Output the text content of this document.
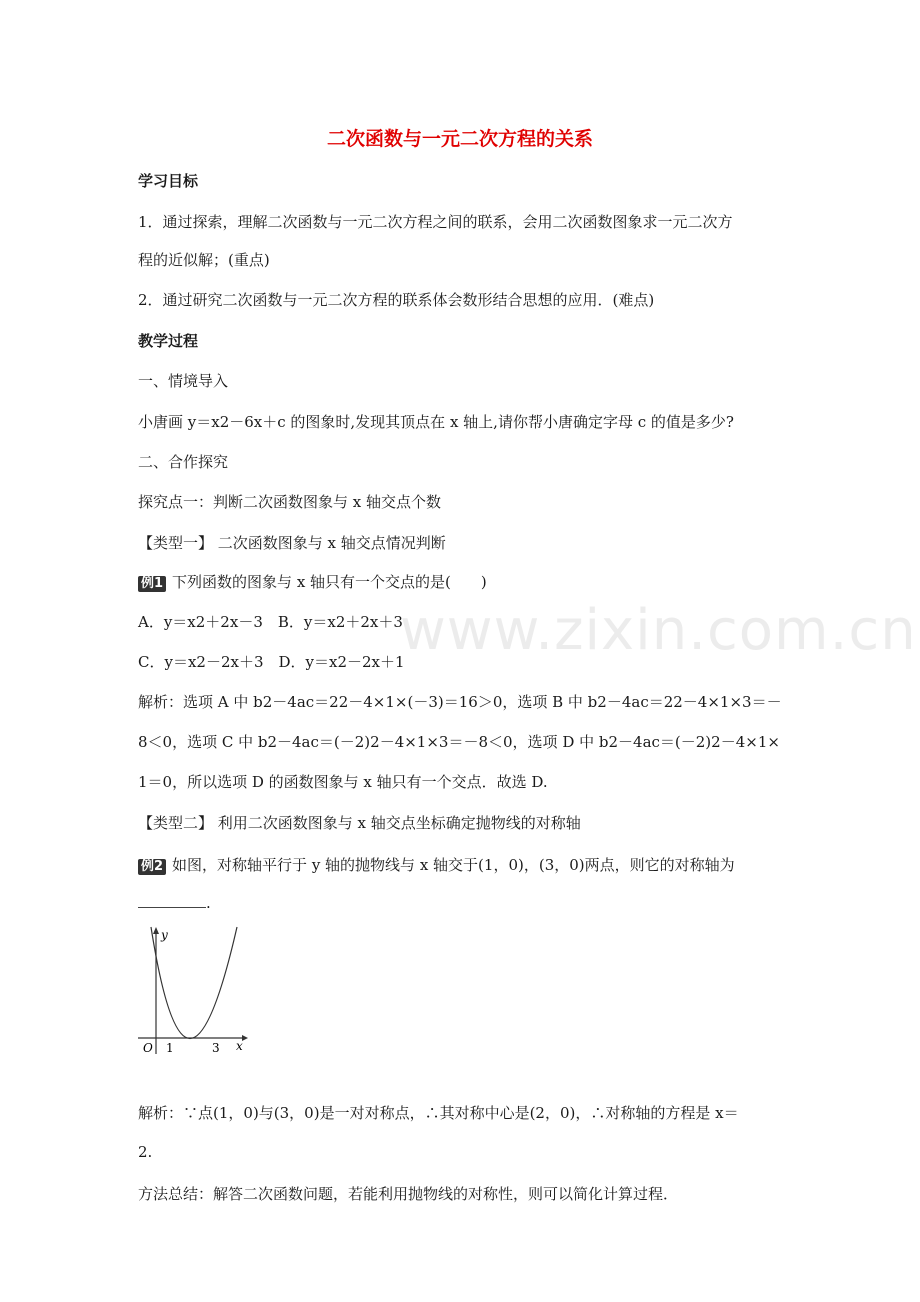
www.zixin.com.cn
二次函数与一元二次方程的关系
学习目标
1．通过探索，理解二次函数与一元二次方程之间的联系，会用二次函数图象求一元二次方
程的近似解；(重点)
2．通过研究二次函数与一元二次方程的联系体会数形结合思想的应用．(难点)
教学过程
一、情境导入
小唐画 y＝x2－6x＋c 的图象时,发现其顶点在 x 轴上,请你帮小唐确定字母 c 的值是多少?
二、合作探究
探究点一：判断二次函数图象与 x 轴交点个数
【类型一】 二次函数图象与 x 轴交点情况判断
例1 下列函数的图象与 x 轴只有一个交点的是(　　)
A．y＝x2＋2x－3　B．y＝x2＋2x＋3
C．y＝x2－2x＋3　D．y＝x2－2x＋1
解析：选项 A 中 b2－4ac＝22－4×1×(－3)＝16＞0，选项 B 中 b2－4ac＝22－4×1×3＝－
8＜0，选项 C 中 b2－4ac＝(－2)2－4×1×3＝－8＜0，选项 D 中 b2－4ac＝(－2)2－4×1×
1＝0，所以选项 D 的函数图象与 x 轴只有一个交点．故选 D.
【类型二】 利用二次函数图象与 x 轴交点坐标确定抛物线的对称轴
例2 如图，对称轴平行于 y 轴的抛物线与 x 轴交于(1，0)，(3，0)两点，则它的对称轴为
.
y
x
O 1	3
解析：∵点(1，0)与(3，0)是一对对称点，∴其对称中心是(2，0)，∴对称轴的方程是 x＝
2.
方法总结：解答二次函数问题，若能利用抛物线的对称性，则可以简化计算过程．
